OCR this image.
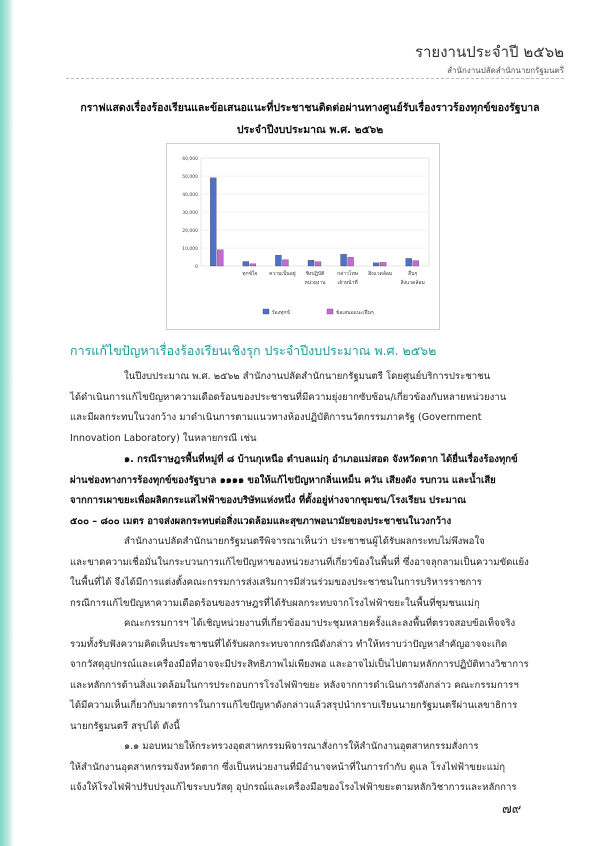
รายงานประจำปี ๒๕๖๒
สำนักงานปลัดสำนักนายกรัฐมนตรี
กราฟแสดงเรื่องร้องเรียนและข้อเสนอแนะที่ประชาชนติดต่อผ่านทางศูนย์รับเรื่องราวร้องทุกข์ของรัฐบาล
ประจำปีงบประมาณ พ.ศ. ๒๕๖๒
0
10,000
20,000
30,000
40,000
50,000
60,000
ทุกข์ใจ ความเป็นอยู่ ชิงปฏิบัติ
หน่วยงาน
กล่าวโทษ
เจ้าหน้าที่
สิ่งแวดล้อม	อื่นๆ
สิ่งแวดล้อม
ร้องทุกข์	ข้อเสนอแนะ/อื่นๆ
การแก้ไขปัญหาเรื่องร้องเรียนเชิงรุก ประจำปีงบประมาณ พ.ศ. ๒๕๖๒
ในปีงบประมาณ พ.ศ. ๒๕๖๒ สำนักงานปลัดสำนักนายกรัฐมนตรี โดยศูนย์บริการประชาชน
ได้ดำเนินการแก้ไขปัญหาความเดือดร้อนของประชาชนที่มีความยุ่งยากซับซ้อน/เกี่ยวข้องกับหลายหน่วยงาน
และมีผลกระทบในวงกว้าง มาดำเนินการตามแนวทางห้องปฏิบัติการนวัตกรรมภาครัฐ (Government
Innovation Laboratory) ในหลายกรณี เช่น
๑. กรณีราษฎรพื้นที่หมู่ที่ ๘ บ้านกุเหนือ ตำบลแม่กุ อำเภอแม่สอด จังหวัดตาก ได้ยื่นเรื่องร้องทุกข์
ผ่านช่องทางการร้องทุกข์ของรัฐบาล ๑๑๑๑ ขอให้แก้ไขปัญหากลิ่นเหม็น ควัน เสียงดัง รบกวน และน้ำเสีย
จากการเผาขยะเพื่อผลิตกระแสไฟฟ้าของบริษัทแห่งหนึ่ง ที่ตั้งอยู่ห่างจากชุมชน/โรงเรียน ประมาณ
๕๐๐ – ๘๐๐ เมตร อาจส่งผลกระทบต่อสิ่งแวดล้อมและสุขภาพอนามัยของประชาชนในวงกว้าง
สำนักงานปลัดสำนักนายกรัฐมนตรีพิจารณาเห็นว่า ประชาชนผู้ได้รับผลกระทบไม่พึงพอใจ
และขาดความเชื่อมั่นในกระบวนการแก้ไขปัญหาของหน่วยงานที่เกี่ยวข้องในพื้นที่ ซึ่งอาจลุกลามเป็นความขัดแย้ง
ในพื้นที่ได้ จึงได้มีการแต่งตั้งคณะกรรมการส่งเสริมการมีส่วนร่วมของประชาชนในการบริหารราชการ
กรณีการแก้ไขปัญหาความเดือดร้อนของราษฎรที่ได้รับผลกระทบจากโรงไฟฟ้าขยะในพื้นที่ชุมชนแม่กุ
คณะกรรมการฯ ได้เชิญหน่วยงานที่เกี่ยวข้องมาประชุมหลายครั้งและลงพื้นที่ตรวจสอบข้อเท็จจริง
รวมทั้งรับฟังความคิดเห็นประชาชนที่ได้รับผลกระทบจากกรณีดังกล่าว ทำให้ทราบว่าปัญหาสำคัญอาจจะเกิด
จากวัสดุอุปกรณ์และเครื่องมือที่อาจจะมีประสิทธิภาพไม่เพียงพอ และอาจไม่เป็นไปตามหลักการปฏิบัติทางวิชาการ
และหลักการด้านสิ่งแวดล้อมในการประกอบการโรงไฟฟ้าขยะ หลังจากการดำเนินการดังกล่าว คณะกรรมการฯ
ได้มีความเห็นเกี่ยวกับมาตรการในการแก้ไขปัญหาดังกล่าวแล้วสรุปนำกราบเรียนนายกรัฐมนตรีผ่านเลขาธิการ
นายกรัฐมนตรี สรุปได้ ดังนี้
๑.๑ มอบหมายให้กระทรวงอุตสาหกรรมพิจารณาสั่งการให้สำนักงานอุตสาหกรรมสั่งการ
ให้สำนักงานอุตสาหกรรมจังหวัดตาก ซึ่งเป็นหน่วยงานที่มีอำนาจหน้าที่ในการกำกับ ดูแล โรงไฟฟ้าขยะแม่กุ
แจ้งให้โรงไฟฟ้าปรับปรุงแก้ไขระบบวัสดุ อุปกรณ์และเครื่องมือของโรงไฟฟ้าขยะตามหลักวิชาการและหลักการ
๗๙
